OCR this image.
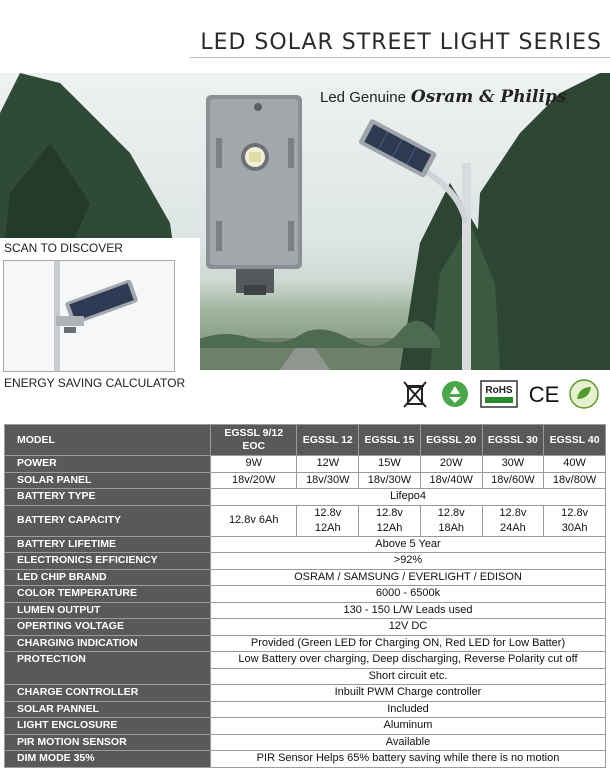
LED SOLAR STREET LIGHT SERIES
Led Genuine Osram & Philips
SCAN TO DISCOVER
ENERGY SAVING CALCULATOR
RoHS CE
MODEL	EGSSL 9/12 EOC	EGSSL 12	EGSSL 15	EGSSL 20	EGSSL 30	EGSSL 40
POWER	9W	12W	15W	20W	30W	40W
SOLAR PANEL	18v/20W	18v/30W	18v/30W	18v/40W	18v/60W	18v/80W
BATTERY TYPE	Lifepo4					
BATTERY CAPACITY	12.8v 6Ah	12.8v 12Ah	12.8v 12Ah	12.8v 18Ah	12.8v 24Ah	12.8v 30Ah
BATTERY LIFETIME	Above 5 Year					
ELECTRONICS EFFICIENCY	>92%					
LED CHIP BRAND	OSRAM / SAMSUNG / EVERLIGHT / EDISON					
COLOR TEMPERATURE	6000 - 6500k					
LUMEN OUTPUT	130 - 150 L/W Leads used					
OPERTING VOLTAGE	12V DC					
CHARGING INDICATION	Provided (Green LED for Charging ON, Red LED for Low Batter)					
PROTECTION	Low Battery over charging, Deep discharging, Reverse Polarity cut off					
	Short circuit etc.					
CHARGE CONTROLLER	Inbuilt PWM Charge controller					
SOLAR PANNEL	Included					
LIGHT ENCLOSURE	Aluminum					
PIR MOTION SENSOR	Available					
DIM MODE 35%	PIR Sensor Helps 65% battery saving while there is no motion					
